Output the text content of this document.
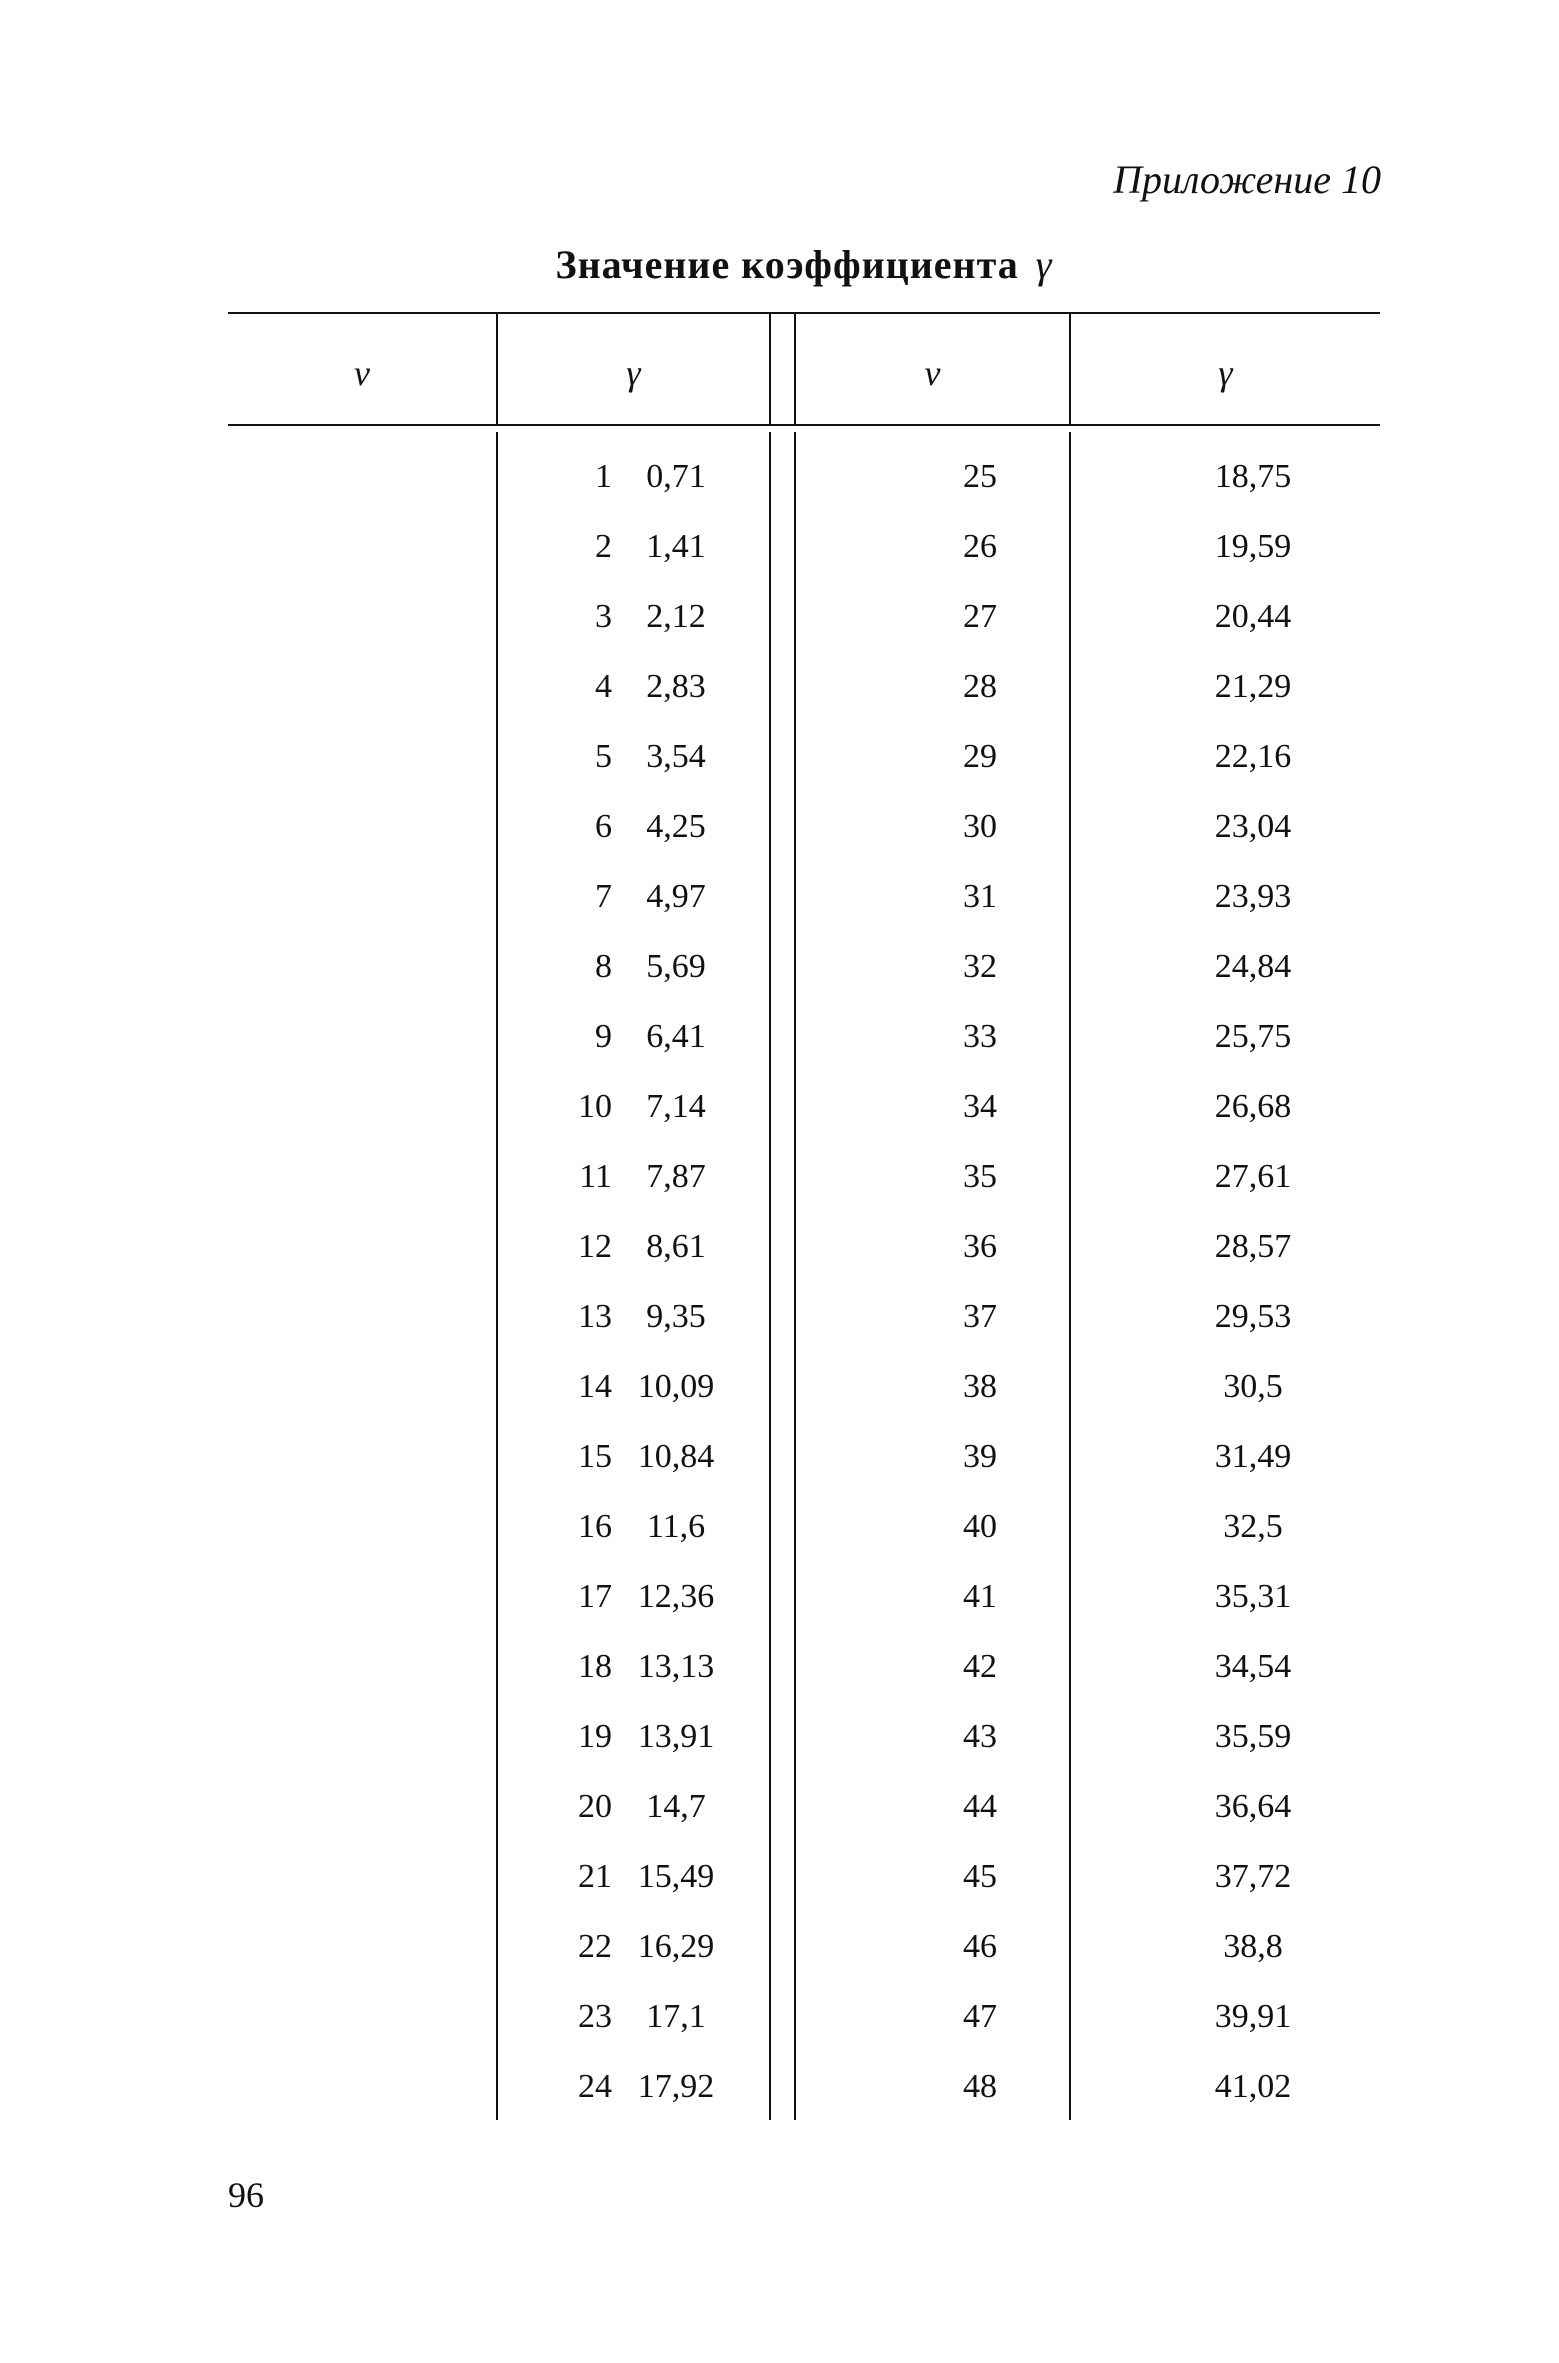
Приложение 10
Значение коэффициента γ
v	γ	v	γ
1	0,71	25	18,75
2	1,41	26	19,59
3	2,12	27	20,44
4	2,83	28	21,29
5	3,54	29	22,16
6	4,25	30	23,04
7	4,97	31	23,93
8	5,69	32	24,84
9	6,41	33	25,75
10	7,14	34	26,68
11	7,87	35	27,61
12	8,61	36	28,57
13	9,35	37	29,53
14 10,09	38	30,5
15 10,84	39	31,49
16	11,6	40	32,5
17 12,36	41	35,31
18 13,13	42	34,54
19 13,91	43	35,59
20	14,7	44	36,64
21 15,49	45	37,72
22 16,29	46	38,8
23	17,1	47	39,91
24 17,92	48	41,02
96
